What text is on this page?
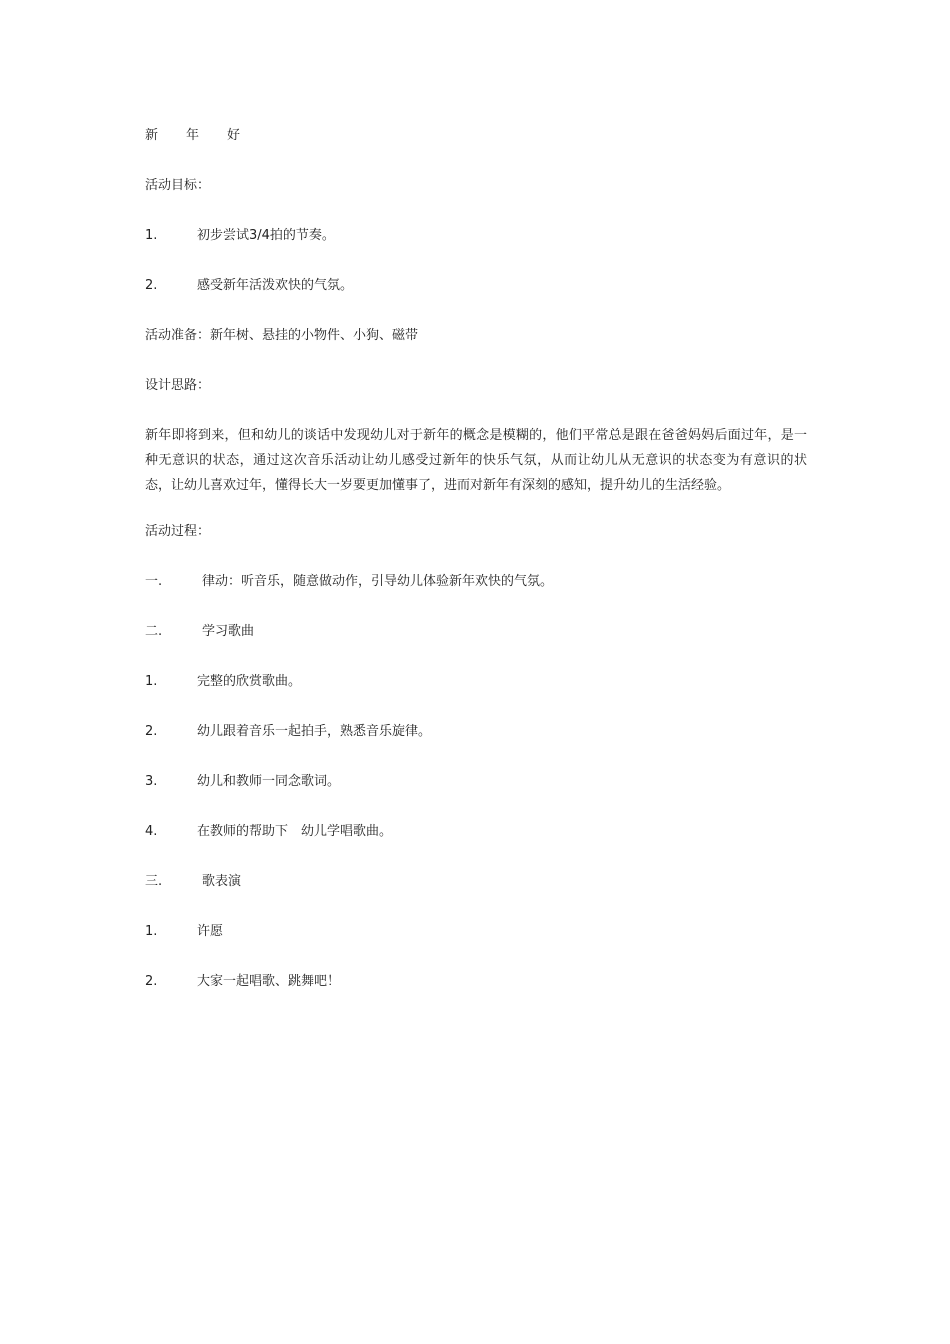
新 年 好
活动目标：
1.	初步尝试3/4拍的节奏。
2.	感受新年活泼欢快的气氛。
活动准备：新年树、悬挂的小物件、小狗、磁带
设计思路：
新年即将到来，但和幼儿的谈话中发现幼儿对于新年的概念是模糊的，他们平常总是跟在爸爸妈妈后面过年，是一种无意识的状态，通过这次音乐活动让幼儿感受过新年的快乐气氛，从而让幼儿从无意识的状态变为有意识的状态，让幼儿喜欢过年，懂得长大一岁要更加懂事了，进而对新年有深刻的感知，提升幼儿的生活经验。
活动过程：
一.	律动：听音乐，随意做动作，引导幼儿体验新年欢快的气氛。
二.	学习歌曲
1.	完整的欣赏歌曲。
2.	幼儿跟着音乐一起拍手，熟悉音乐旋律。
3.	幼儿和教师一同念歌词。
4.	在教师的帮助下　幼儿学唱歌曲。
三.	歌表演
1.	许愿
2.	大家一起唱歌、跳舞吧！
